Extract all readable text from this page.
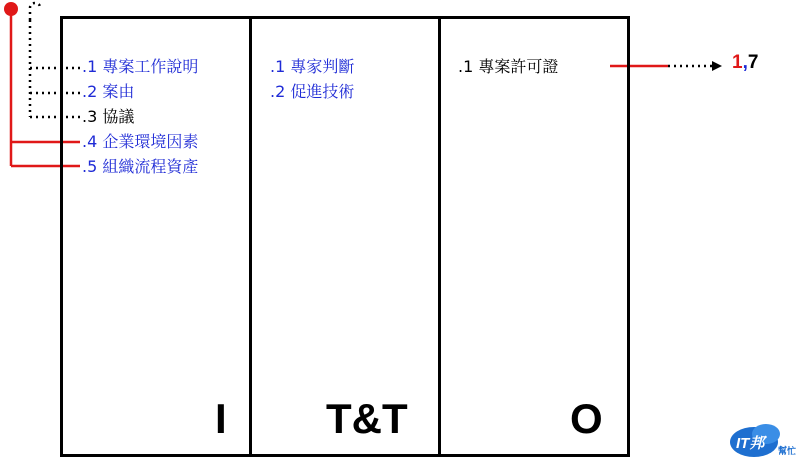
.1 專案工作說明
.2 案由
.3 協議
.4 企業環境因素
.5 組織流程資產
.1 專家判斷
.2 促進技術
.1 專案許可證	1,7
I T&T	O
IT邦 幫忙
